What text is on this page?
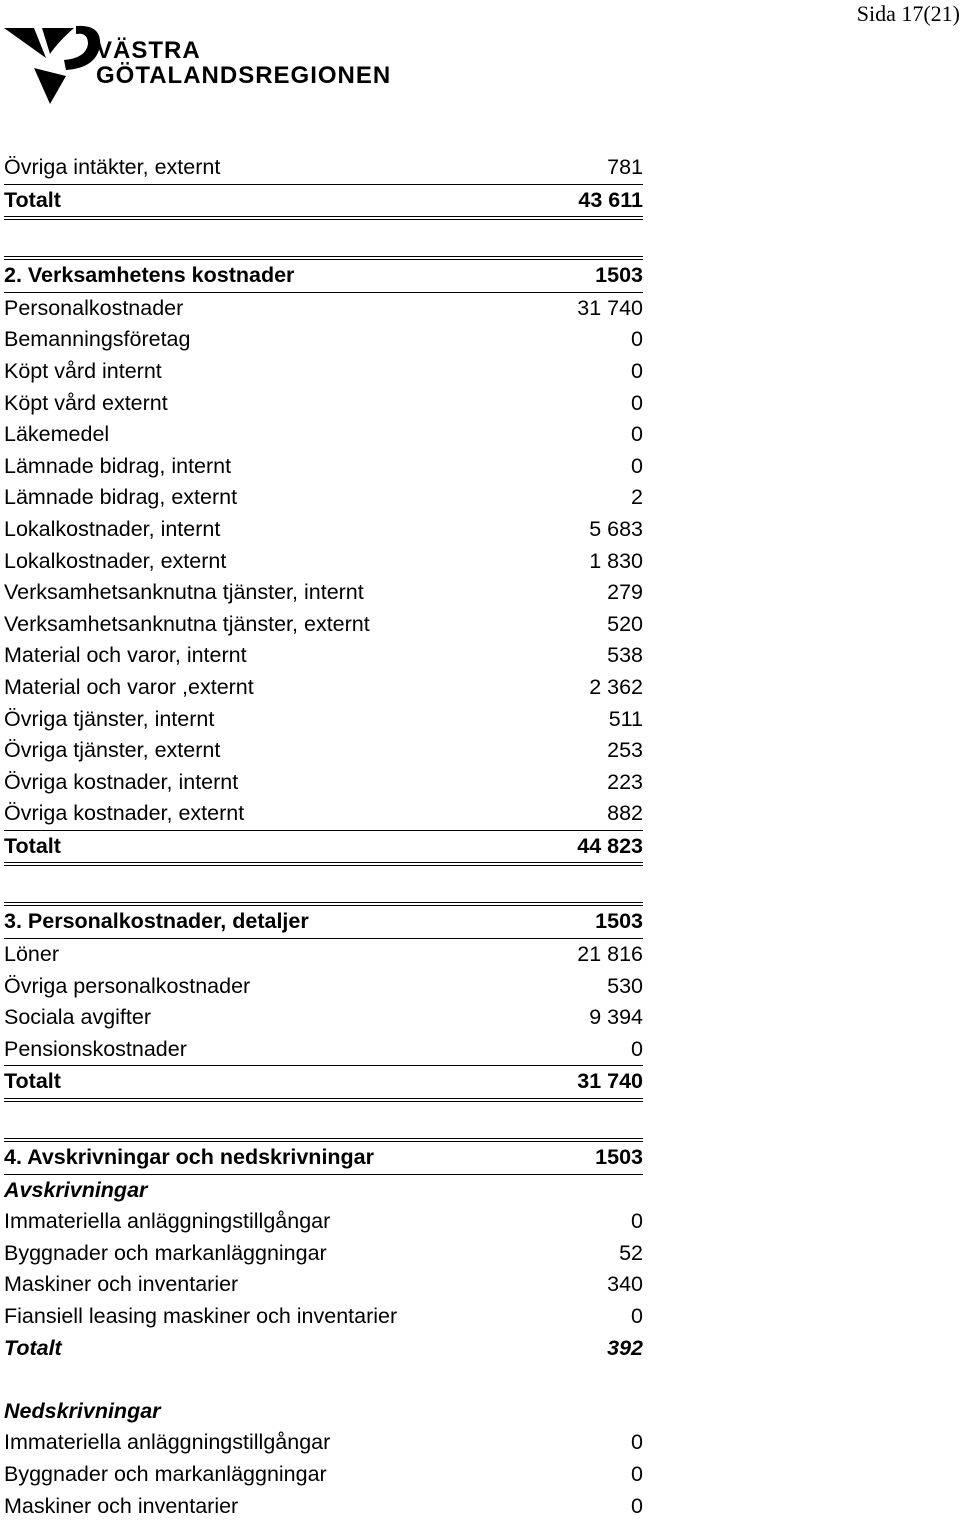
Sida 17(21)
VÄSTRA
GÖTALANDSREGIONEN
Övriga intäkter, externt	781
Totalt	43 611
2. Verksamhetens kostnader	1503
Personalkostnader	31 740
Bemanningsföretag	0
Köpt vård internt	0
Köpt vård externt	0
Läkemedel	0
Lämnade bidrag, internt	0
Lämnade bidrag, externt	2
Lokalkostnader, internt	5 683
Lokalkostnader, externt	1 830
Verksamhetsanknutna tjänster, internt	279
Verksamhetsanknutna tjänster, externt	520
Material och varor, internt	538
Material och varor ,externt	2 362
Övriga tjänster, internt	511
Övriga tjänster, externt	253
Övriga kostnader, internt	223
Övriga kostnader, externt	882
Totalt	44 823
3. Personalkostnader, detaljer	1503
Löner	21 816
Övriga personalkostnader	530
Sociala avgifter	9 394
Pensionskostnader	0
Totalt	31 740
4. Avskrivningar och nedskrivningar	1503
Avskrivningar
Immateriella anläggningstillgångar	0
Byggnader och markanläggningar	52
Maskiner och inventarier	340
Fiansiell leasing maskiner och inventarier	0
Totalt	392
Nedskrivningar
Immateriella anläggningstillgångar	0
Byggnader och markanläggningar	0
Maskiner och inventarier	0
